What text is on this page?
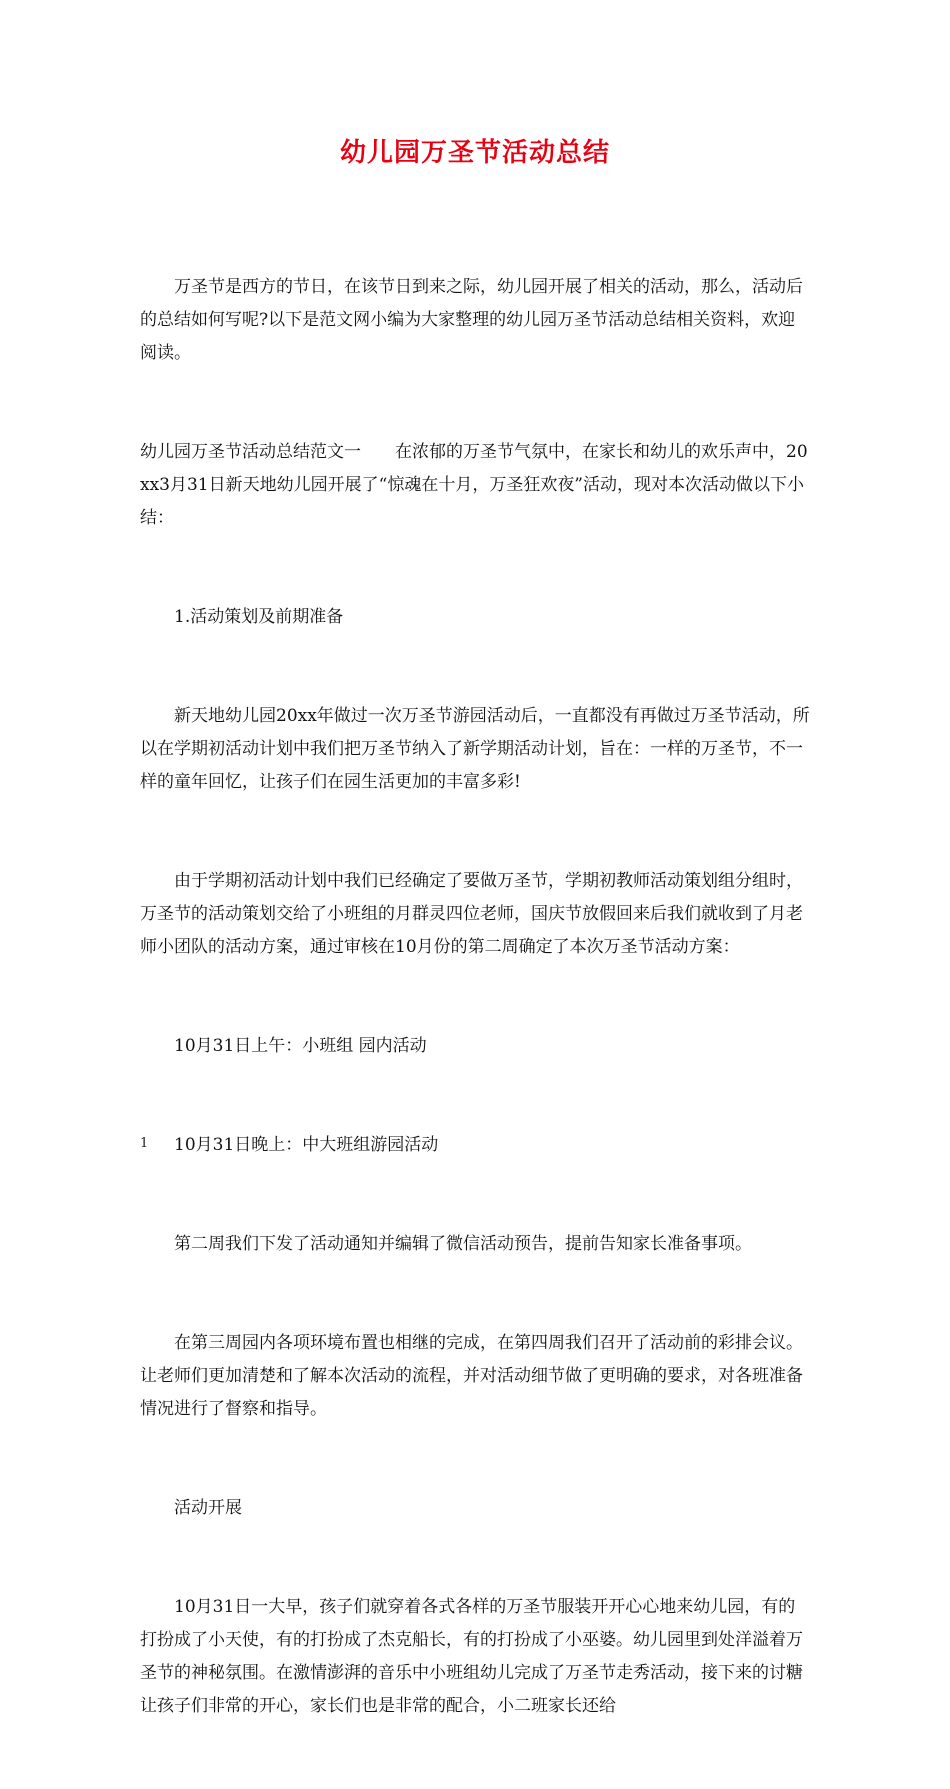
幼儿园万圣节活动总结

万圣节是西方的节日，在该节日到来之际，幼儿园开展了相关的活动，那么，活动后的总结如何写呢?以下是范文网小编为大家整理的幼儿园万圣节活动总结相关资料，欢迎阅读。

幼儿园万圣节活动总结范文一　　在浓郁的万圣节气氛中，在家长和幼儿的欢乐声中，20xx3月31日新天地幼儿园开展了“惊魂在十月，万圣狂欢夜”活动，现对本次活动做以下小结：

1.活动策划及前期准备

新天地幼儿园20xx年做过一次万圣节游园活动后，一直都没有再做过万圣节活动，所以在学期初活动计划中我们把万圣节纳入了新学期活动计划，旨在：一样的万圣节，不一样的童年回忆，让孩子们在园生活更加的丰富多彩!

由于学期初活动计划中我们已经确定了要做万圣节，学期初教师活动策划组分组时，万圣节的活动策划交给了小班组的月群灵四位老师，国庆节放假回来后我们就收到了月老师小团队的活动方案，通过审核在10月份的第二周确定了本次万圣节活动方案：

10月31日上午：小班组 园内活动

10月31日晚上：中大班组游园活动

第二周我们下发了活动通知并编辑了微信活动预告，提前告知家长准备事项。

在第三周园内各项环境布置也相继的完成，在第四周我们召开了活动前的彩排会议。让老师们更加清楚和了解本次活动的流程，并对活动细节做了更明确的要求，对各班准备情况进行了督察和指导。

活动开展

10月31日一大早，孩子们就穿着各式各样的万圣节服装开开心心地来幼儿园，有的打扮成了小天使，有的打扮成了杰克船长，有的打扮成了小巫婆。幼儿园里到处洋溢着万圣节的神秘氛围。在激情澎湃的音乐中小班组幼儿完成了万圣节走秀活动，接下来的讨糖让孩子们非常的开心，家长们也是非常的配合，小二班家长还给

1
